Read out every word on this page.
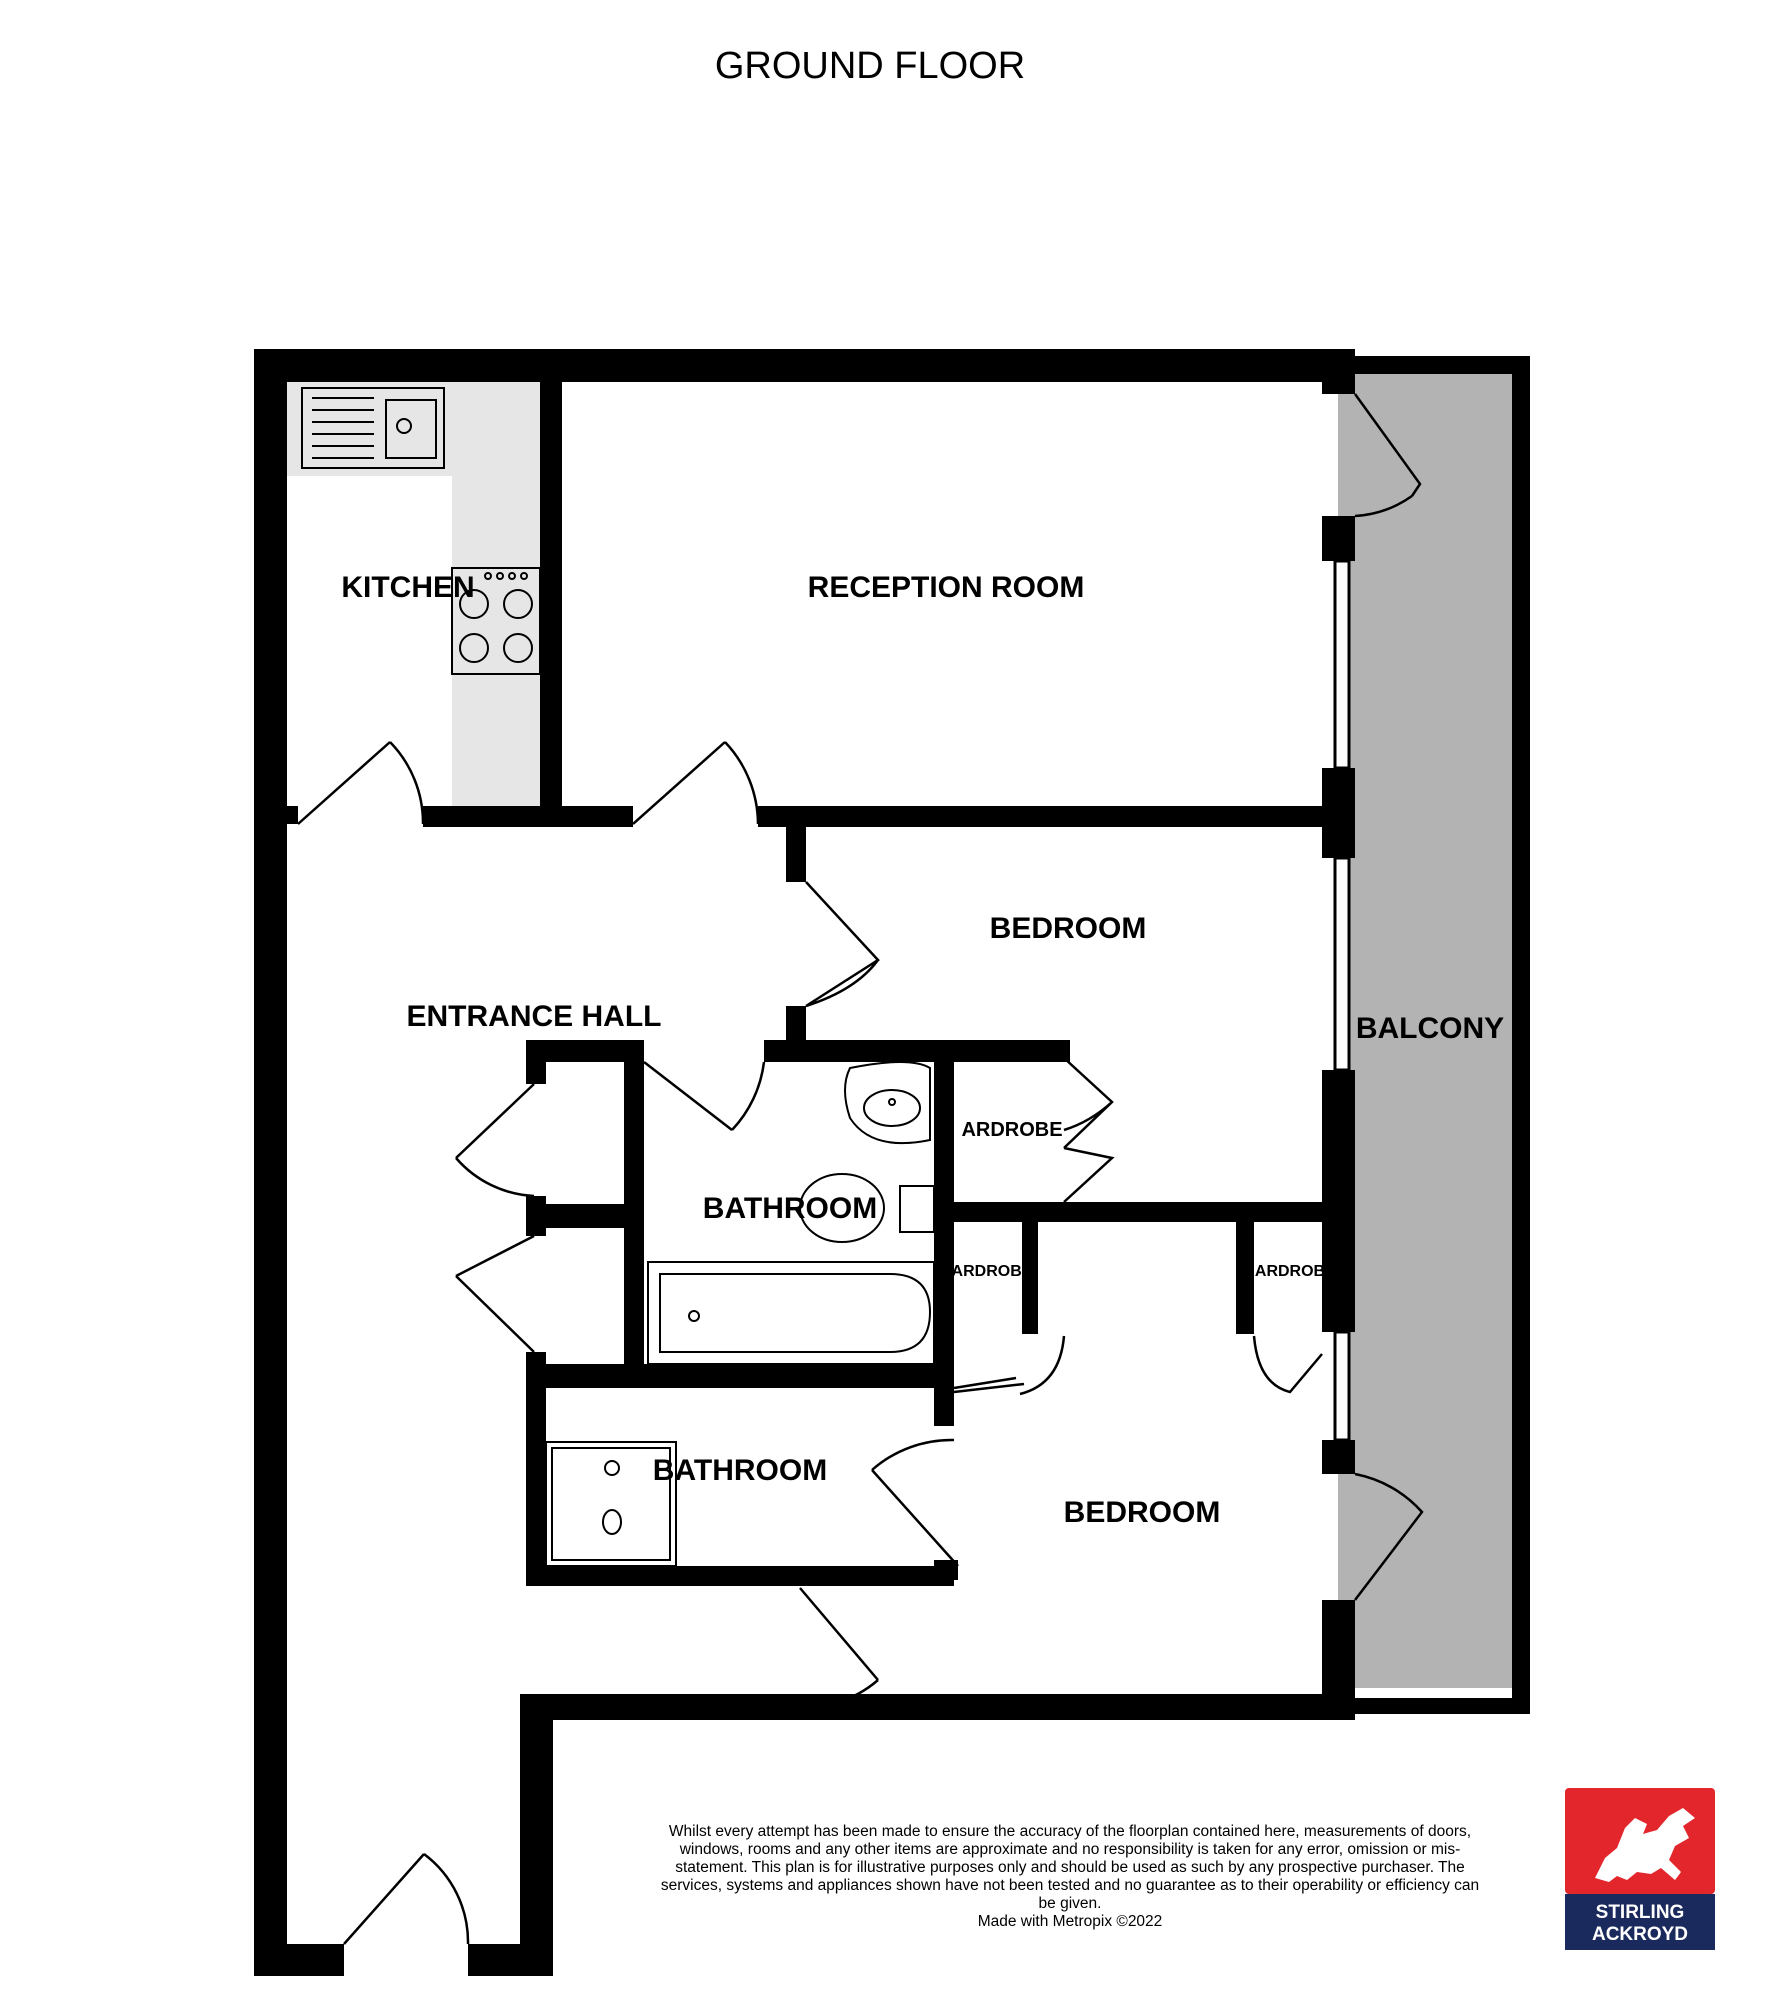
GROUND FLOOR
KITCHEN	RECEPTION ROOM
BEDROOM
ENTRANCE HALL	BALCONY
ARDROBE
BATHROOM
ARDROBE	ARDROB
BATHROOM
BEDROOM
Whilst every attempt has been made to ensure the accuracy of the floorplan contained here, measurements of doors, windows, rooms and any other items are approximate and no responsibility is taken for any error, omission or mis-statement. This plan is for illustrative purposes only and should be used as such by any prospective purchaser. The services, systems and appliances shown have not been tested and no guarantee as to their operability or efficiency can be given.
Made with Metropix ©2022	STIRLING
ACKROYD
